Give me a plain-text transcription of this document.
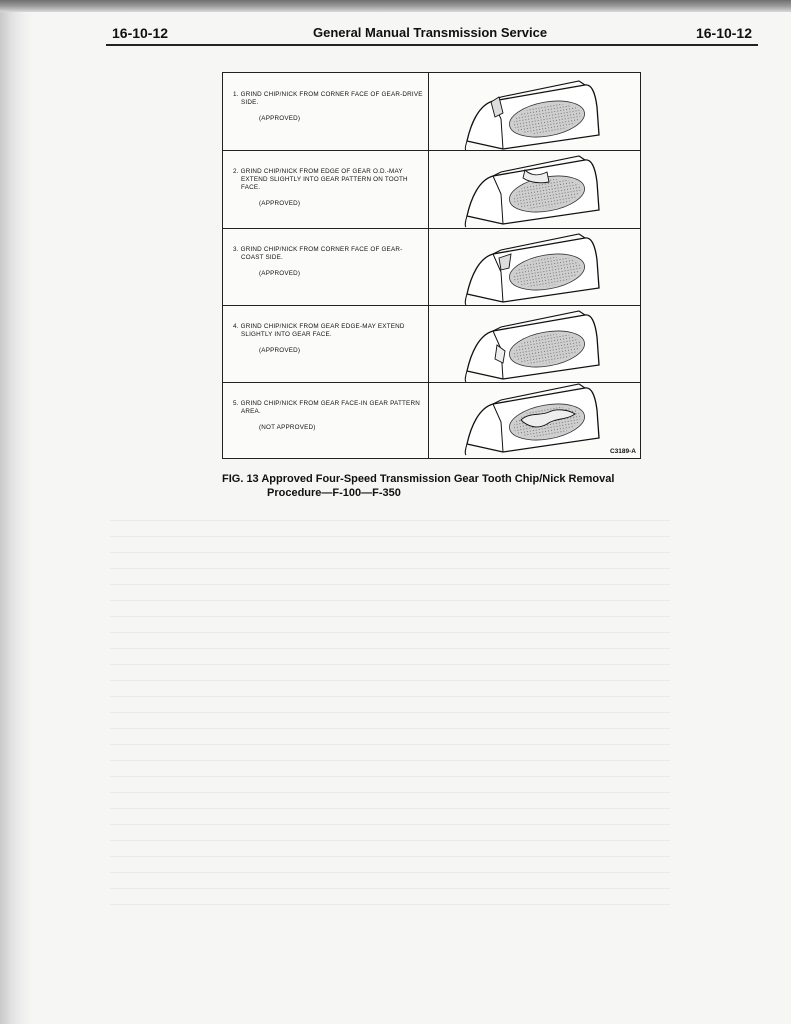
16-10-12	General Manual Transmission Service	16-10-12
1. GRIND CHIP/NICK FROM CORNER FACE OF GEAR-DRIVE SIDE.
(APPROVED)
2. GRIND CHIP/NICK FROM EDGE OF GEAR O.D.-MAY EXTEND SLIGHTLY INTO GEAR PATTERN ON TOOTH FACE.
(APPROVED)
3. GRIND CHIP/NICK FROM CORNER FACE OF GEAR-COAST SIDE.
(APPROVED)
4. GRIND CHIP/NICK FROM GEAR EDGE-MAY EXTEND SLIGHTLY INTO GEAR FACE.
(APPROVED)
5. GRIND CHIP/NICK FROM GEAR FACE-IN GEAR PATTERN AREA.
(NOT APPROVED)
C3189-A
FIG. 13 Approved Four-Speed Transmission Gear Tooth Chip/Nick Removal
Procedure—F-100—F-350
